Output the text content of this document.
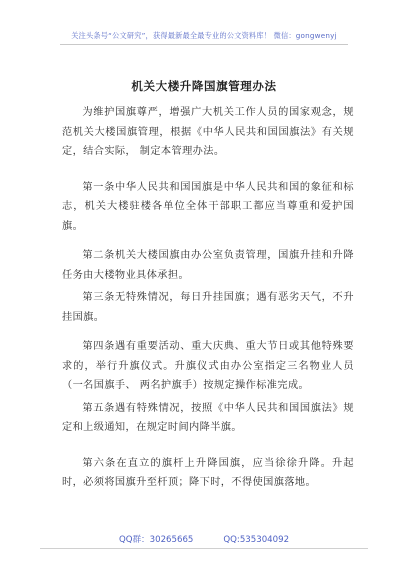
关注头条号“公文研究”，获得最新最全最专业的公文资料库！ 微信：gongwenyj
机关大楼升降国旗管理办法

为维护国旗尊严，增强广大机关工作人员的国家观念，规范机关大楼国旗管理，根据《中华人民共和国国旗法》有关规定，结合实际， 制定本管理办法。

第一条中华人民共和国国旗是中华人民共和国的象征和标志，机关大楼驻楼各单位全体干部职工都应当尊重和爱护国旗。

第二条机关大楼国旗由办公室负责管理，国旗升挂和升降任务由大楼物业具体承担。

第三条无特殊情况，每日升挂国旗；遇有恶劣天气，不升挂国旗。

第四条遇有重要活动、重大庆典、重大节日或其他特殊要求的，举行升旗仪式。升旗仪式由办公室指定三名物业人员（一名国旗手、 两名护旗手）按规定操作标准完成。

第五条遇有特殊情况，按照《中华人民共和国国旗法》规定和上级通知，在规定时间内降半旗。

第六条在直立的旗杆上升降国旗，应当徐徐升降。升起时，必须将国旗升至杆顶；降下时，不得使国旗落地。

QQ群：30265665	QQ:535304092
